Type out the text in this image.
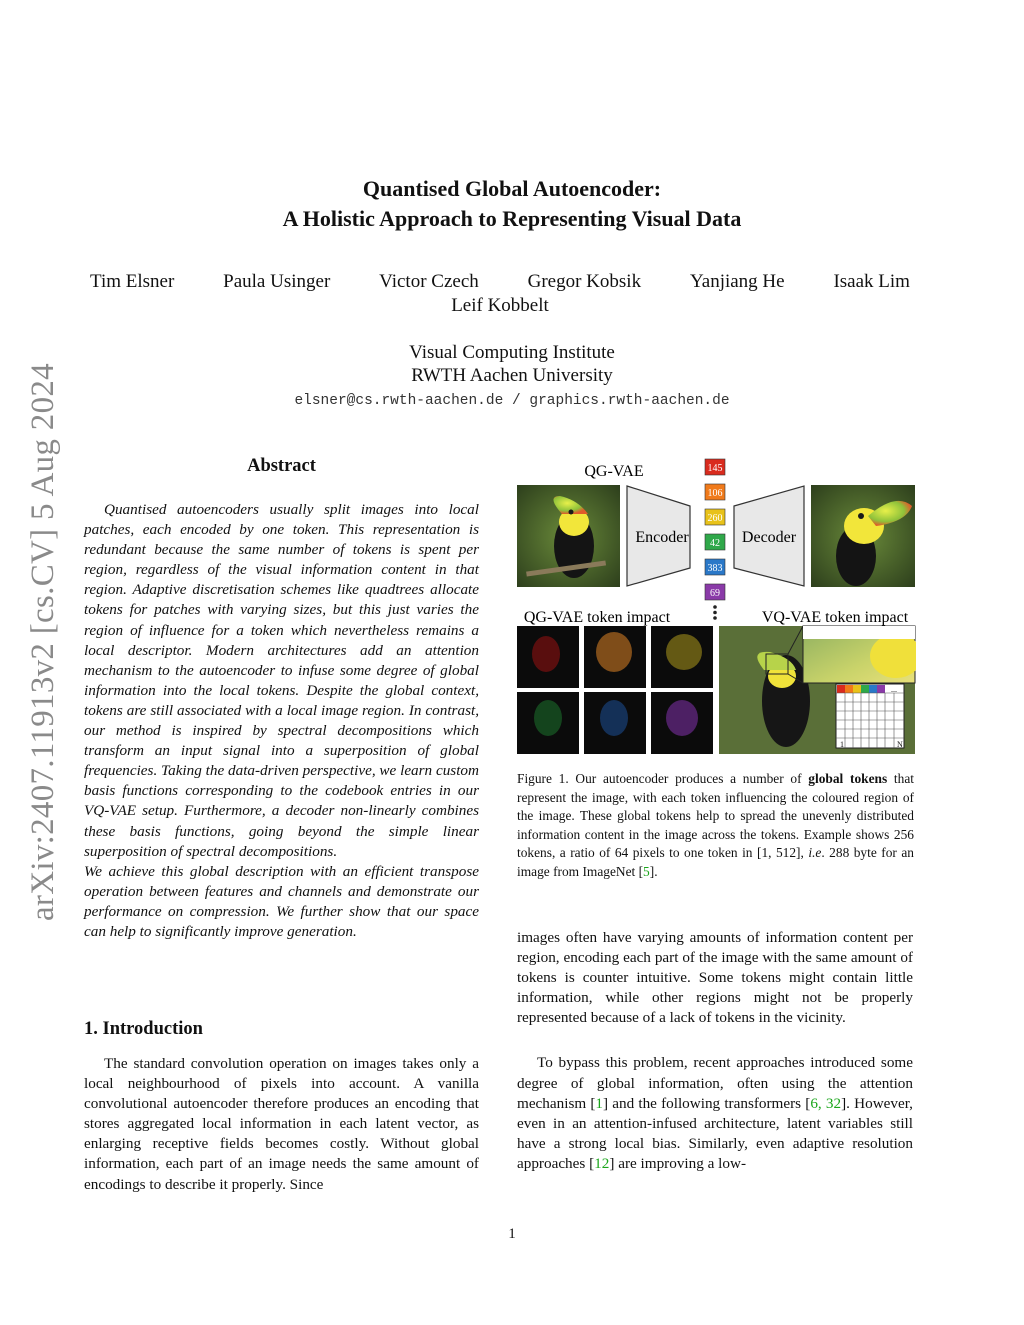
arXiv:2407.11913v2 [cs.CV] 5 Aug 2024
Quantised Global Autoencoder:
A Holistic Approach to Representing Visual Data
Tim Elsner	Paula Usinger	Victor Czech	Gregor Kobsik	Yanjiang He	Isaak Lim
Leif Kobbelt
Visual Computing Institute
RWTH Aachen University
elsner@cs.rwth-aachen.de / graphics.rwth-aachen.de
Abstract

Quantised autoencoders usually split images into local patches, each encoded by one token. This representation is redundant because the same number of tokens is spent per region, regardless of the visual information content in that region. Adaptive discretisation schemes like quadtrees allocate tokens for patches with varying sizes, but this just varies the region of influence for a token which nevertheless remains a local descriptor. Modern architectures add an attention mechanism to the autoencoder to infuse some degree of global information into the local tokens. Despite the global context, tokens are still associated with a local image region. In contrast, our method is inspired by spectral decompositions which transform an input signal into a superposition of global frequencies. Taking the data-driven perspective, we learn custom basis functions corresponding to the codebook entries in our VQ-VAE setup. Furthermore, a decoder non-linearly combines these basis functions, going beyond the simple linear superposition of spectral decompositions.

We achieve this global description with an efficient transpose operation between features and channels and demonstrate our performance on compression. We further show that our space can help to significantly improve generation.

1. Introduction

The standard convolution operation on images takes only a local neighbourhood of pixels into account. A vanilla convolutional autoencoder therefore produces an encoding that stores aggregated local information in each latent vector, as enlarging receptive fields becomes costly. Without global information, each part of an image needs the same amount of encodings to describe it properly. Since

QG-VAE
Encoder
145
106
260
42
383
69
Decoder
QG-VAE token impact	VQ-VAE token impact
...
1	N
Figure 1. Our autoencoder produces a number of global tokens that represent the image, with each token influencing the coloured region of the image. These global tokens help to spread the unevenly distributed information content in the image across the tokens. Example shows 256 tokens, a ratio of 64 pixels to one token in [1, 512], i.e. 288 byte for an image from ImageNet [5].

images often have varying amounts of information content per region, encoding each part of the image with the same amount of tokens is counter intuitive. Some tokens might contain little information, while other regions might not be properly represented because of a lack of tokens in the vicinity.

To bypass this problem, recent approaches introduced some degree of global information, often using the attention mechanism [1] and the following transformers [6, 32]. However, even in an attention-infused architecture, latent variables still have a strong local bias. Similarly, even adaptive resolution approaches [12] are improving a low-

1
